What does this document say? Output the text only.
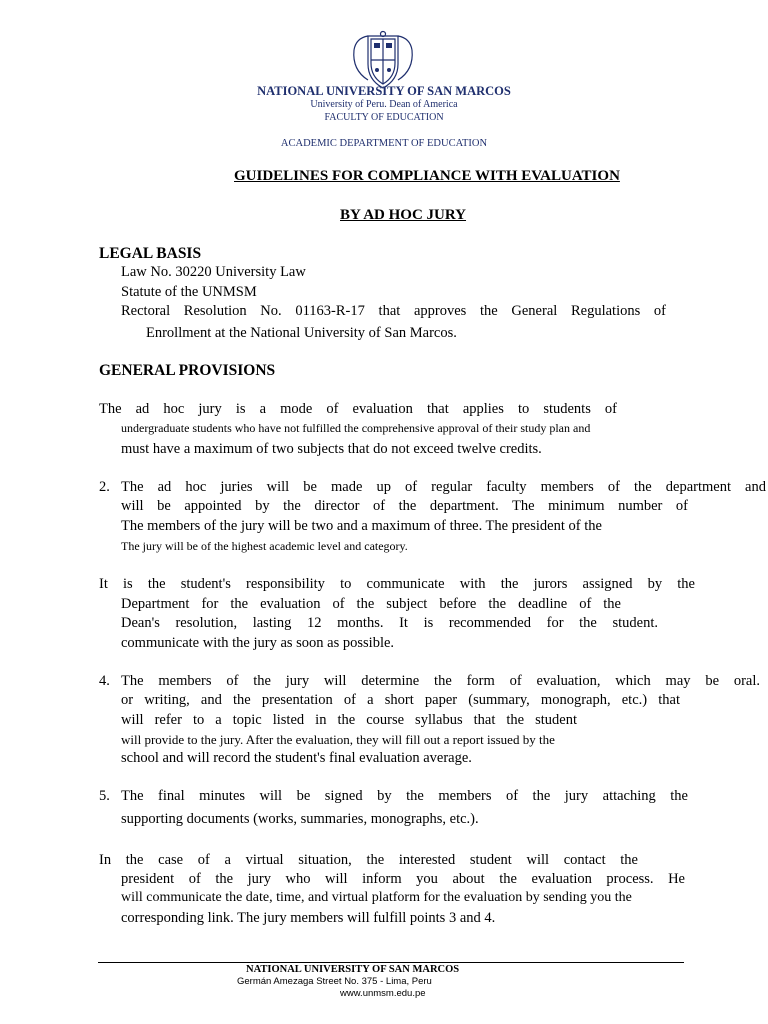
NATIONAL UNIVERSITY OF SAN MARCOS
University of Peru. Dean of America
FACULTY OF EDUCATION
ACADEMIC DEPARTMENT OF EDUCATION
GUIDELINES FOR COMPLIANCE WITH EVALUATION
BY AD HOC JURY
LEGAL BASIS
Law No. 30220 University Law
Statute of the UNMSM
Rectoral Resolution No. 01163-R-17 that approves the General Regulations of
Enrollment at the National University of San Marcos.
GENERAL PROVISIONS
The ad hoc jury is a mode of evaluation that applies to students of
undergraduate students who have not fulfilled the comprehensive approval of their study plan and
must have a maximum of two subjects that do not exceed twelve credits.
2. The ad hoc juries will be made up of regular faculty members of the department and
will be appointed by the director of the department. The minimum number of
The members of the jury will be two and a maximum of three. The president of the
The jury will be of the highest academic level and category.
It is the student's responsibility to communicate with the jurors assigned by the
Department for the evaluation of the subject before the deadline of the
Dean's resolution, lasting 12 months. It is recommended for the student.
communicate with the jury as soon as possible.
4. The members of the jury will determine the form of evaluation, which may be oral.
or writing, and the presentation of a short paper (summary, monograph, etc.) that
will refer to a topic listed in the course syllabus that the student
will provide to the jury. After the evaluation, they will fill out a report issued by the
school and will record the student's final evaluation average.
5. The final minutes will be signed by the members of the jury attaching the
supporting documents (works, summaries, monographs, etc.).
In the case of a virtual situation, the interested student will contact the
president of the jury who will inform you about the evaluation process. He
will communicate the date, time, and virtual platform for the evaluation by sending you the
corresponding link. The jury members will fulfill points 3 and 4.
NATIONAL UNIVERSITY OF SAN MARCOS
Germán Amezaga Street No. 375 - Lima, Peru
www.unmsm.edu.pe
